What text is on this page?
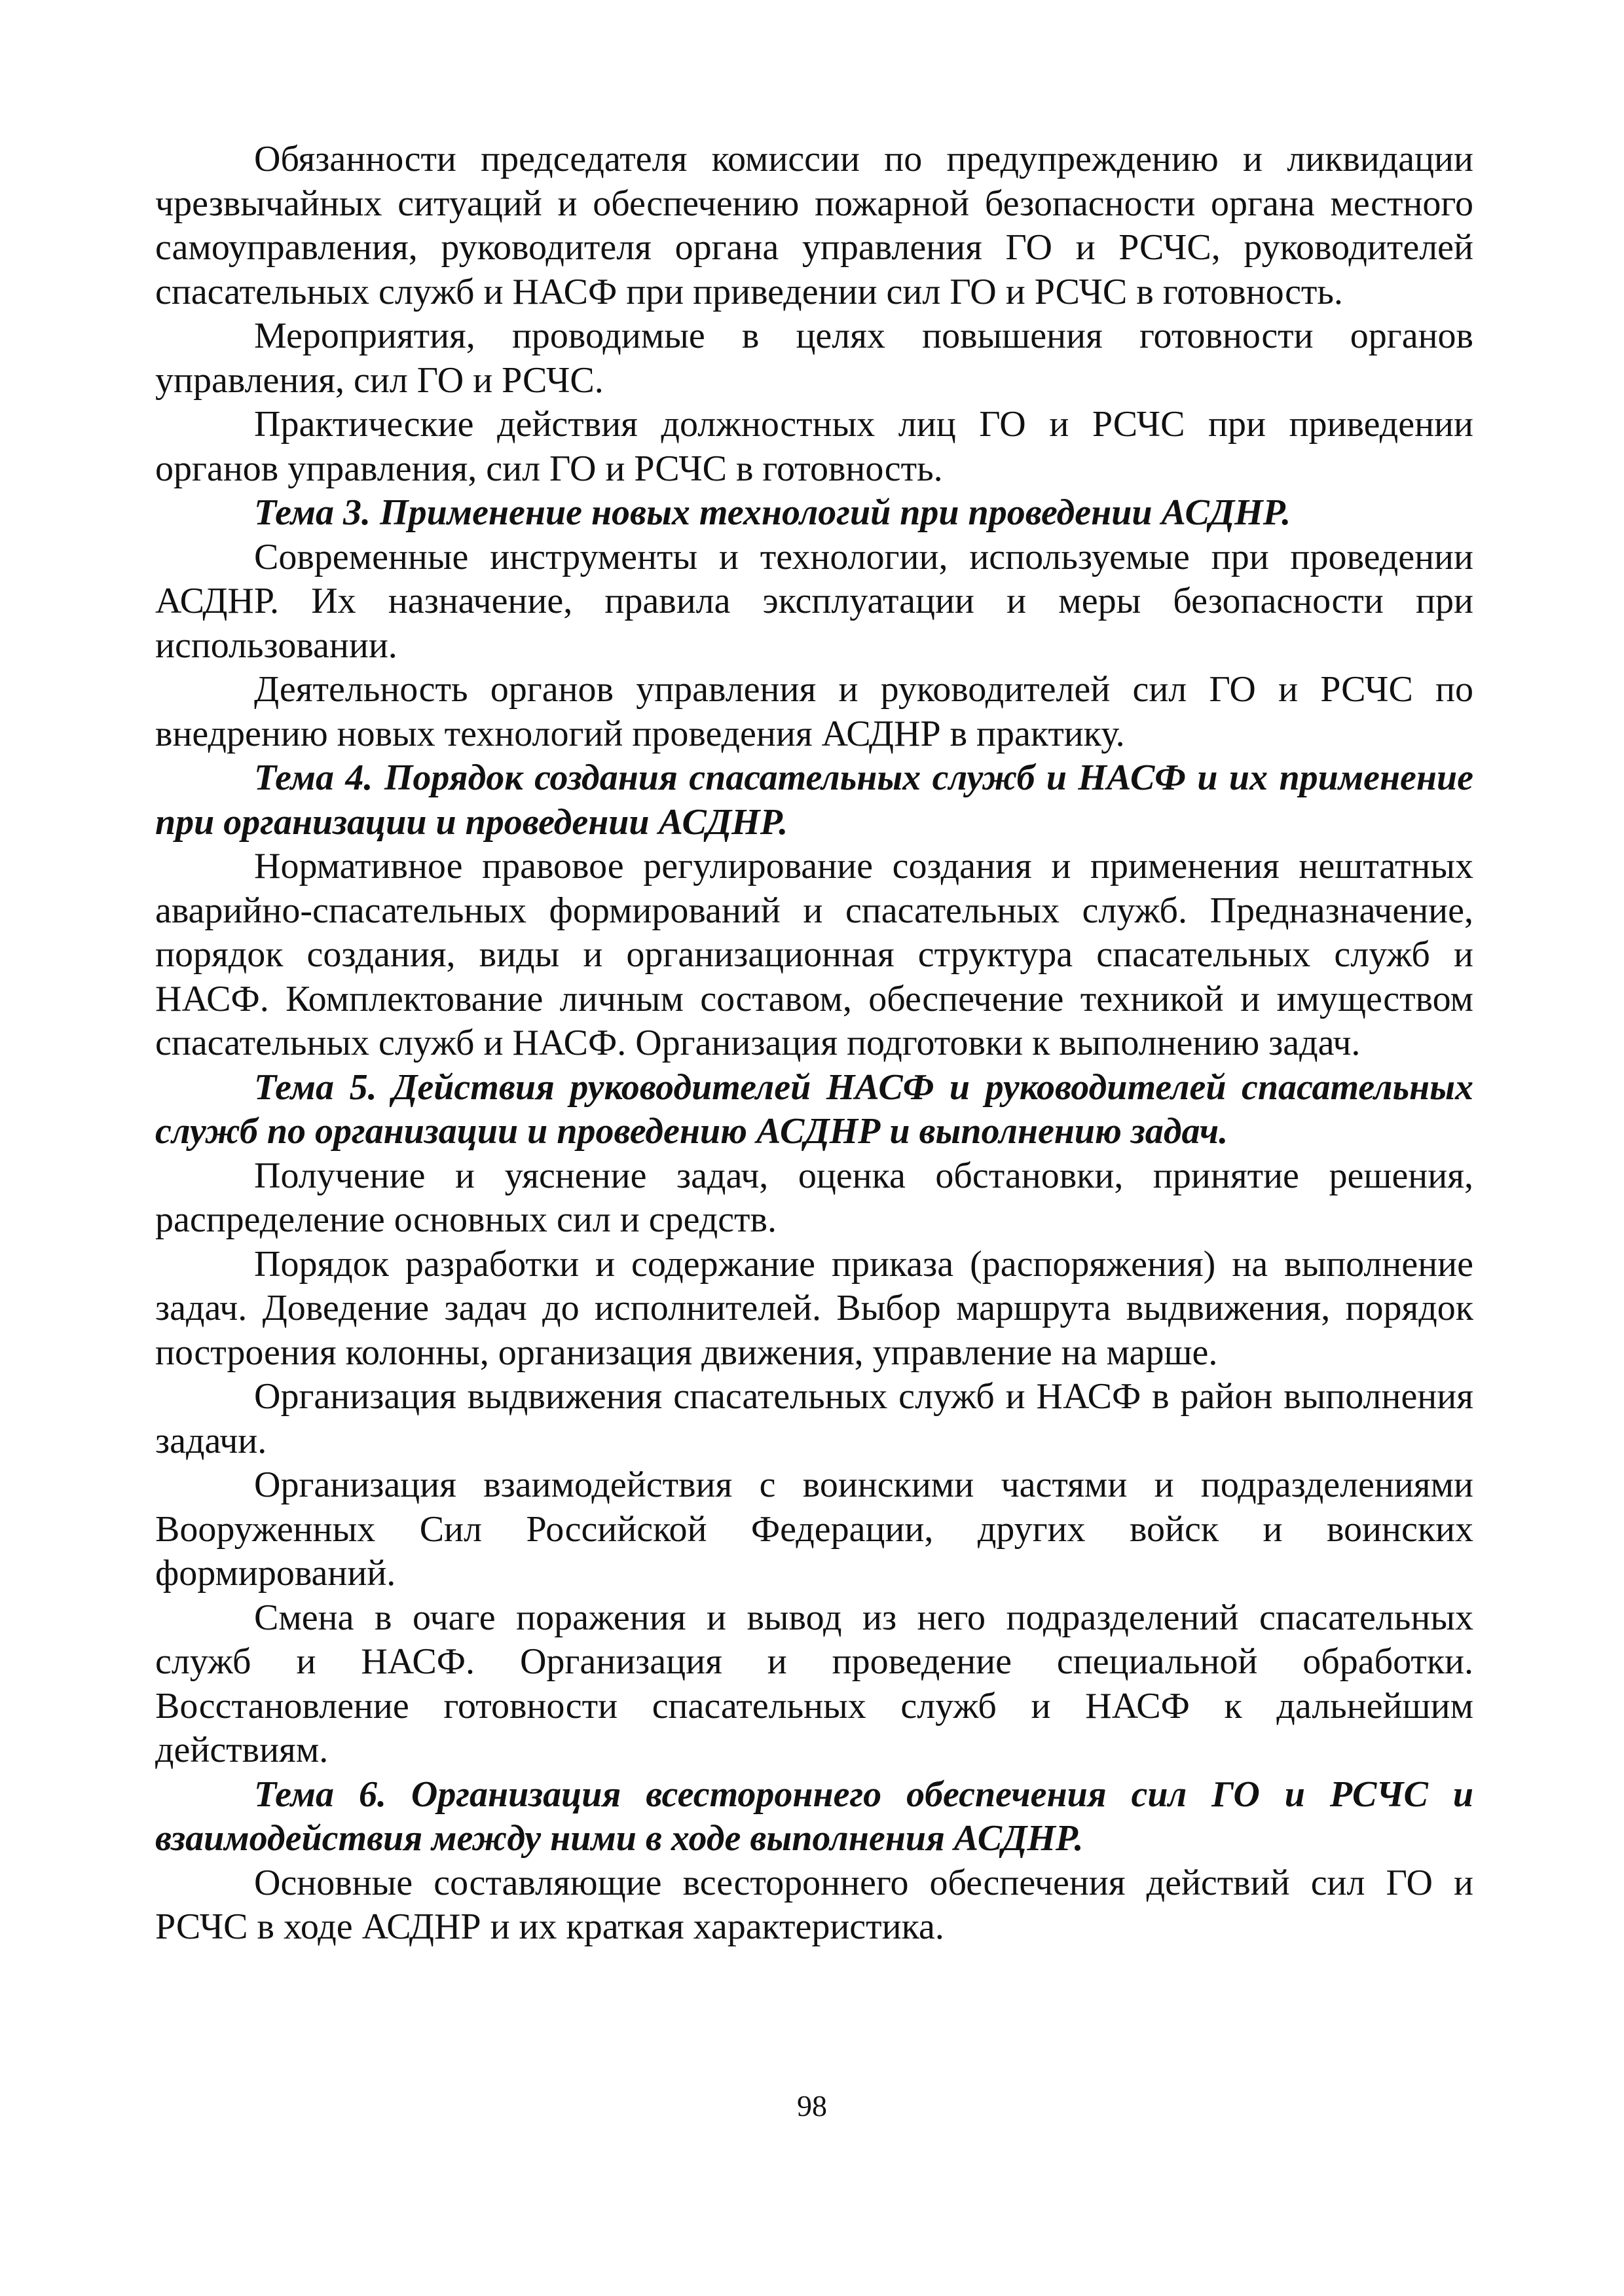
Обязанности председателя комиссии по предупреждению и ликвидации чрезвычайных ситуаций и обеспечению пожарной безопасности органа местного самоуправления, руководителя органа управления ГО и РСЧС, руководителей спасательных служб и НАСФ при приведении сил ГО и РСЧС в готовность.

Мероприятия, проводимые в целях повышения готовности органов управления, сил ГО и РСЧС.

Практические действия должностных лиц ГО и РСЧС при приведении органов управления, сил ГО и РСЧС в готовность.

Тема 3. Применение новых технологий при проведении АСДНР.

Современные инструменты и технологии, используемые при проведении АСДНР. Их назначение, правила эксплуатации и меры безопасности при использовании.

Деятельность органов управления и руководителей сил ГО и РСЧС по внедрению новых технологий проведения АСДНР в практику.

Тема 4. Порядок создания спасательных служб и НАСФ и их применение при организации и проведении АСДНР.

Нормативное правовое регулирование создания и применения нештатных аварийно-спасательных формирований и спасательных служб. Предназначение, порядок создания, виды и организационная структура спасательных служб и НАСФ. Комплектование личным составом, обеспечение техникой и имуществом спасательных служб и НАСФ. Организация подготовки к выполнению задач.

Тема 5. Действия руководителей НАСФ и руководителей спасательных служб по организации и проведению АСДНР и выполнению задач.

Получение и уяснение задач, оценка обстановки, принятие решения, распределение основных сил и средств.

Порядок разработки и содержание приказа (распоряжения) на выполнение задач. Доведение задач до исполнителей. Выбор маршрута выдвижения, порядок построения колонны, организация движения, управление на марше.

Организация выдвижения спасательных служб и НАСФ в район выполнения задачи.

Организация взаимодействия с воинскими частями и подразделениями Вооруженных Сил Российской Федерации, других войск и воинских формирований.

Смена в очаге поражения и вывод из него подразделений спасательных служб и НАСФ. Организация и проведение специальной обработки. Восстановление готовности спасательных служб и НАСФ к дальнейшим действиям.

Тема 6. Организация всестороннего обеспечения сил ГО и РСЧС и взаимодействия между ними в ходе выполнения АСДНР.

Основные составляющие всестороннего обеспечения действий сил ГО и РСЧС в ходе АСДНР и их краткая характеристика.

98
